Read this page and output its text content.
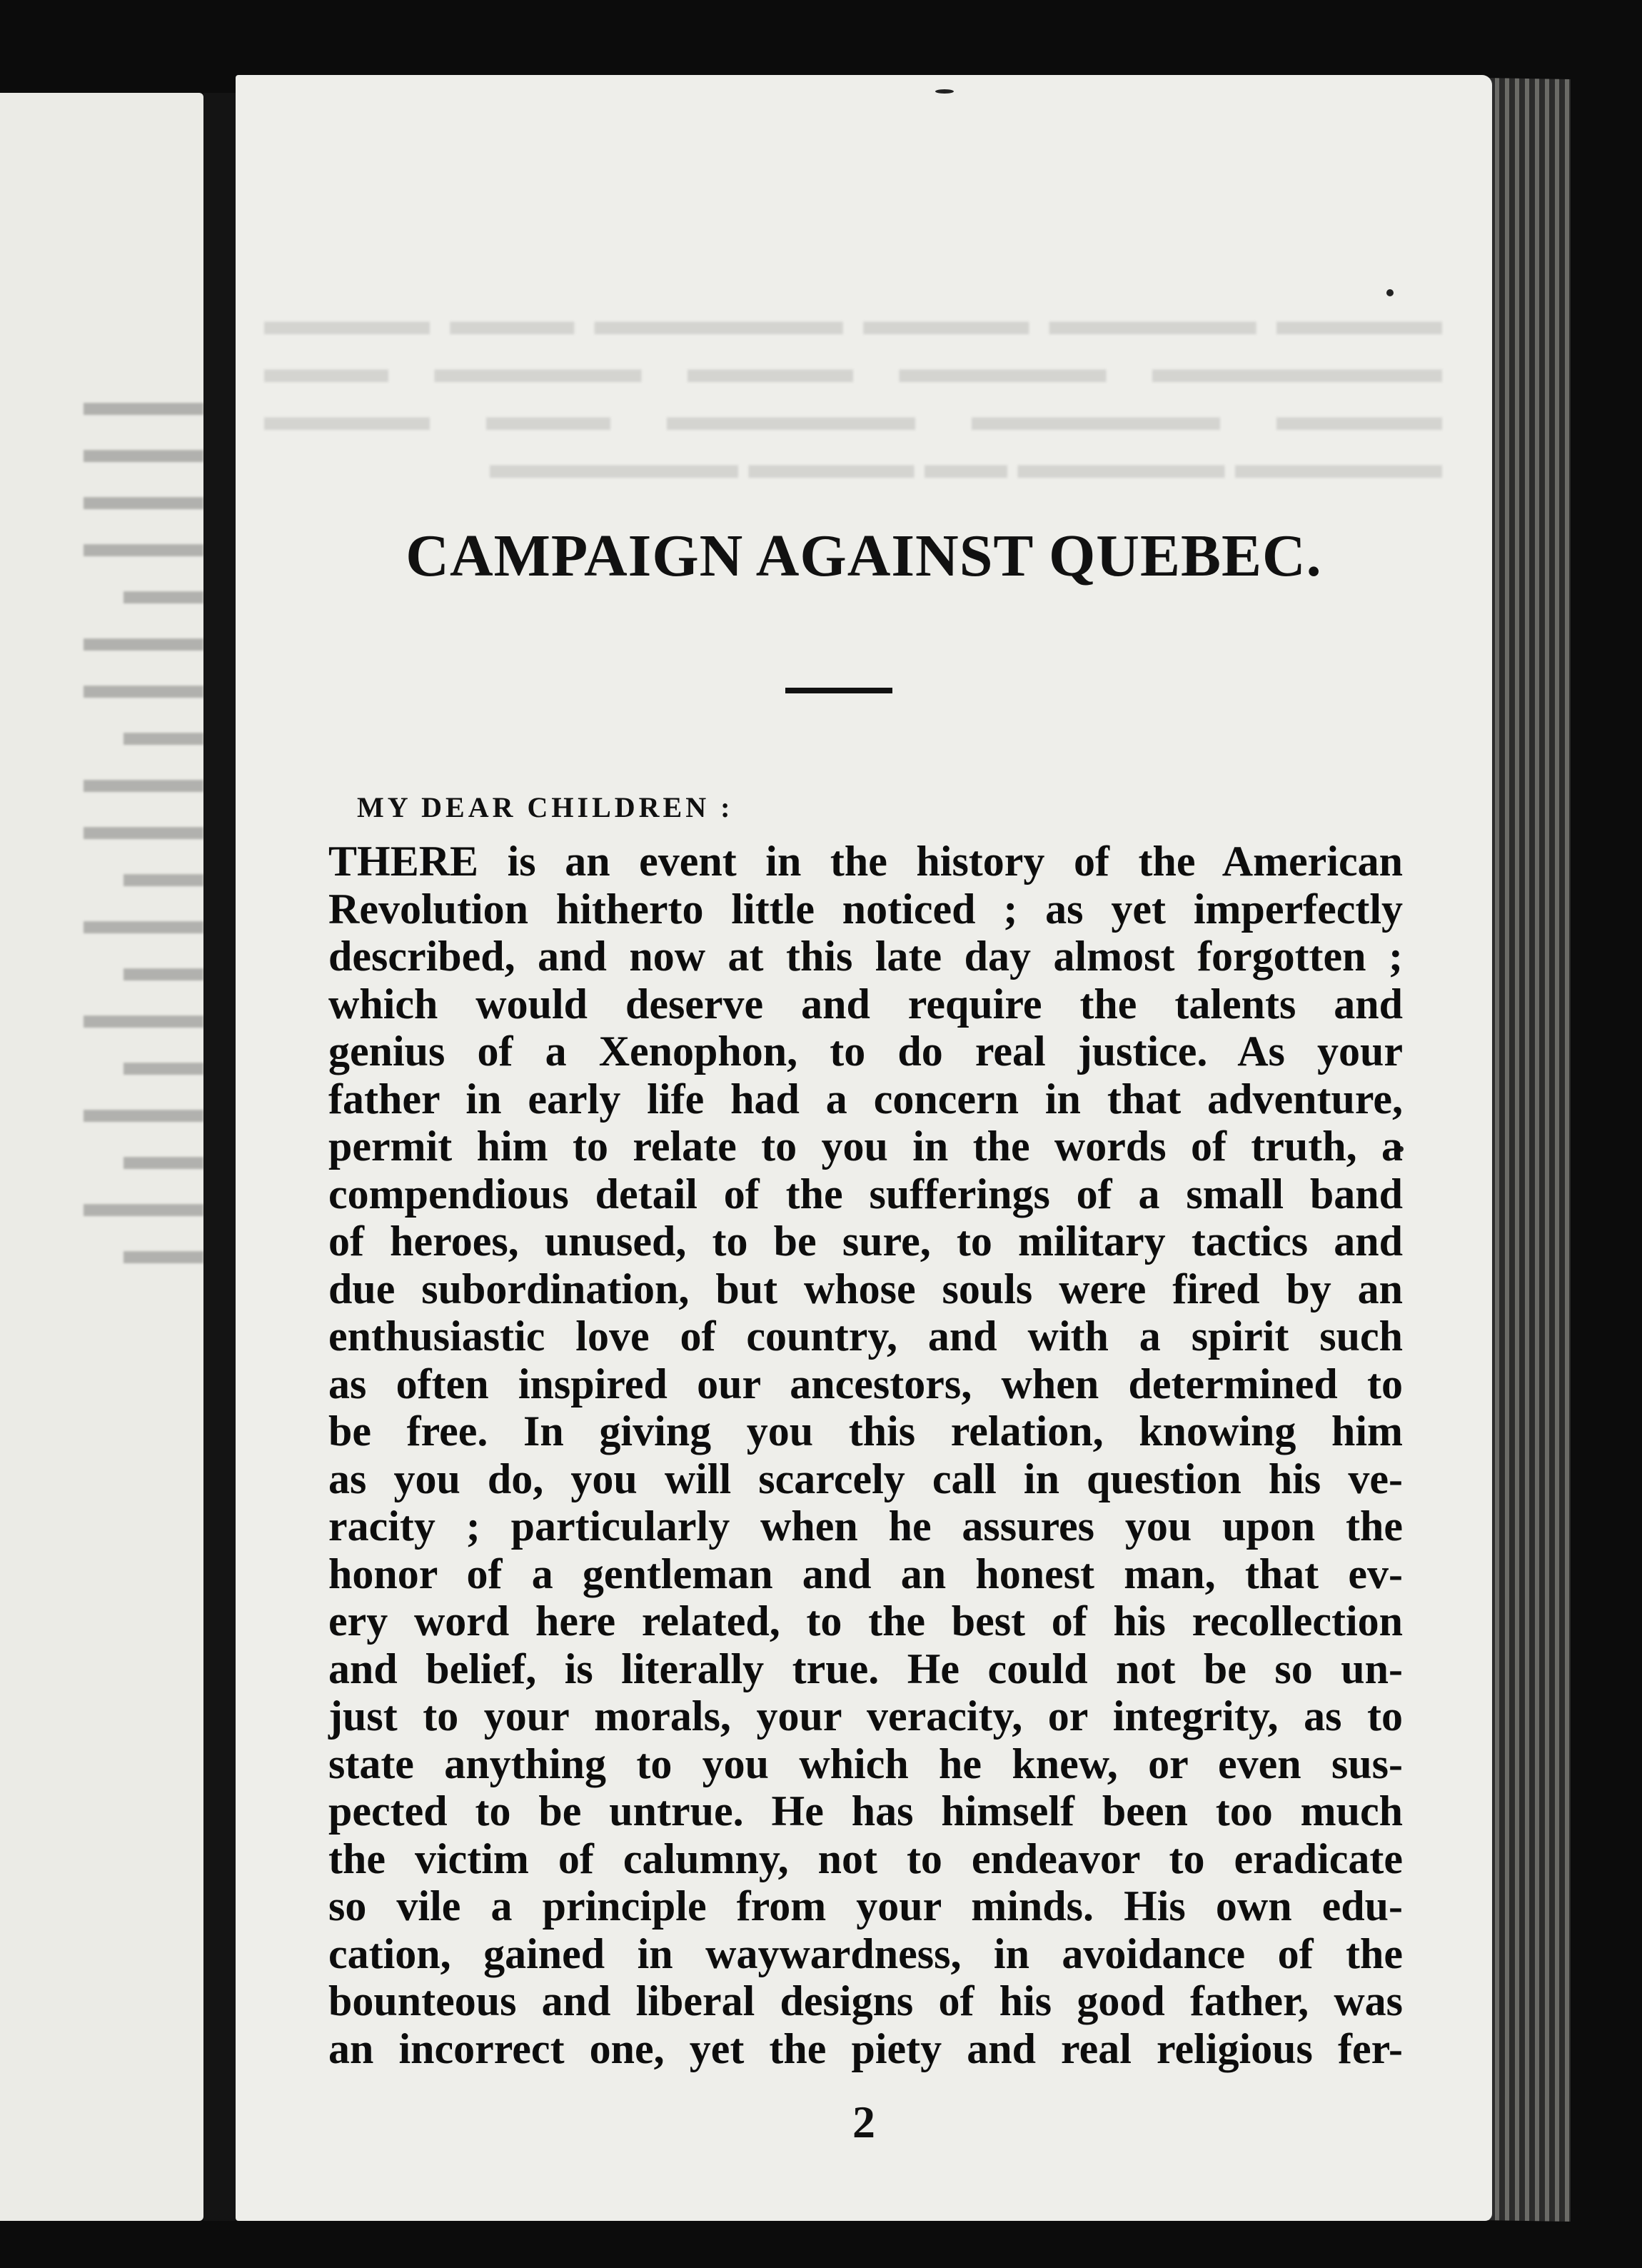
▬▬▬
▬▬▬
▬▬▬
▬▬▬
▬▬
▬▬▬
▬▬▬
▬▬
▬▬▬
▬▬▬
▬▬
▬▬▬
▬▬
▬▬▬
▬▬
▬▬▬
▬▬
▬▬▬
▬▬
▬▬▬▬ ▬▬▬▬▬ ▬▬▬▬ ▬▬▬▬▬▬ ▬▬▬ ▬▬▬▬ ▬▬▬▬▬▬▬ ▬▬▬▬▬ ▬▬▬▬ ▬▬▬▬▬ ▬▬▬ ▬▬▬▬ ▬▬▬▬▬▬ ▬▬▬▬▬▬ ▬▬▬ ▬▬▬▬ ▬▬▬▬▬ ▬▬▬▬▬ ▬▬ ▬▬▬▬ ▬▬▬▬▬▬
CAMPAIGN AGAINST QUEBEC.
MY DEAR CHILDREN :
THERE is an event in the history of the American
Revolution hitherto little noticed ; as yet imperfectly
described, and now at this late day almost forgotten ;
which would deserve and require the talents and
genius of a Xenophon, to do real justice. As your
father in early life had a concern in that adventure,
permit him to relate to you in the words of truth, a
compendious detail of the sufferings of a small band
of heroes, unused, to be sure, to military tactics and
due subordination, but whose souls were fired by an
enthusiastic love of country, and with a spirit such
as often inspired our ancestors, when determined to
be free. In giving you this relation, knowing him
as you do, you will scarcely call in question his ve-
racity ; particularly when he assures you upon the
honor of a gentleman and an honest man, that ev-
ery word here related, to the best of his recollection
and belief, is literally true. He could not be so un-
just to your morals, your veracity, or integrity, as to
state anything to you which he knew, or even sus-
pected to be untrue. He has himself been too much
the victim of calumny, not to endeavor to eradicate
so vile a principle from your minds. His own edu-
cation, gained in waywardness, in avoidance of the
bounteous and liberal designs of his good father, was
an incorrect one, yet the piety and real religious fer-
2
